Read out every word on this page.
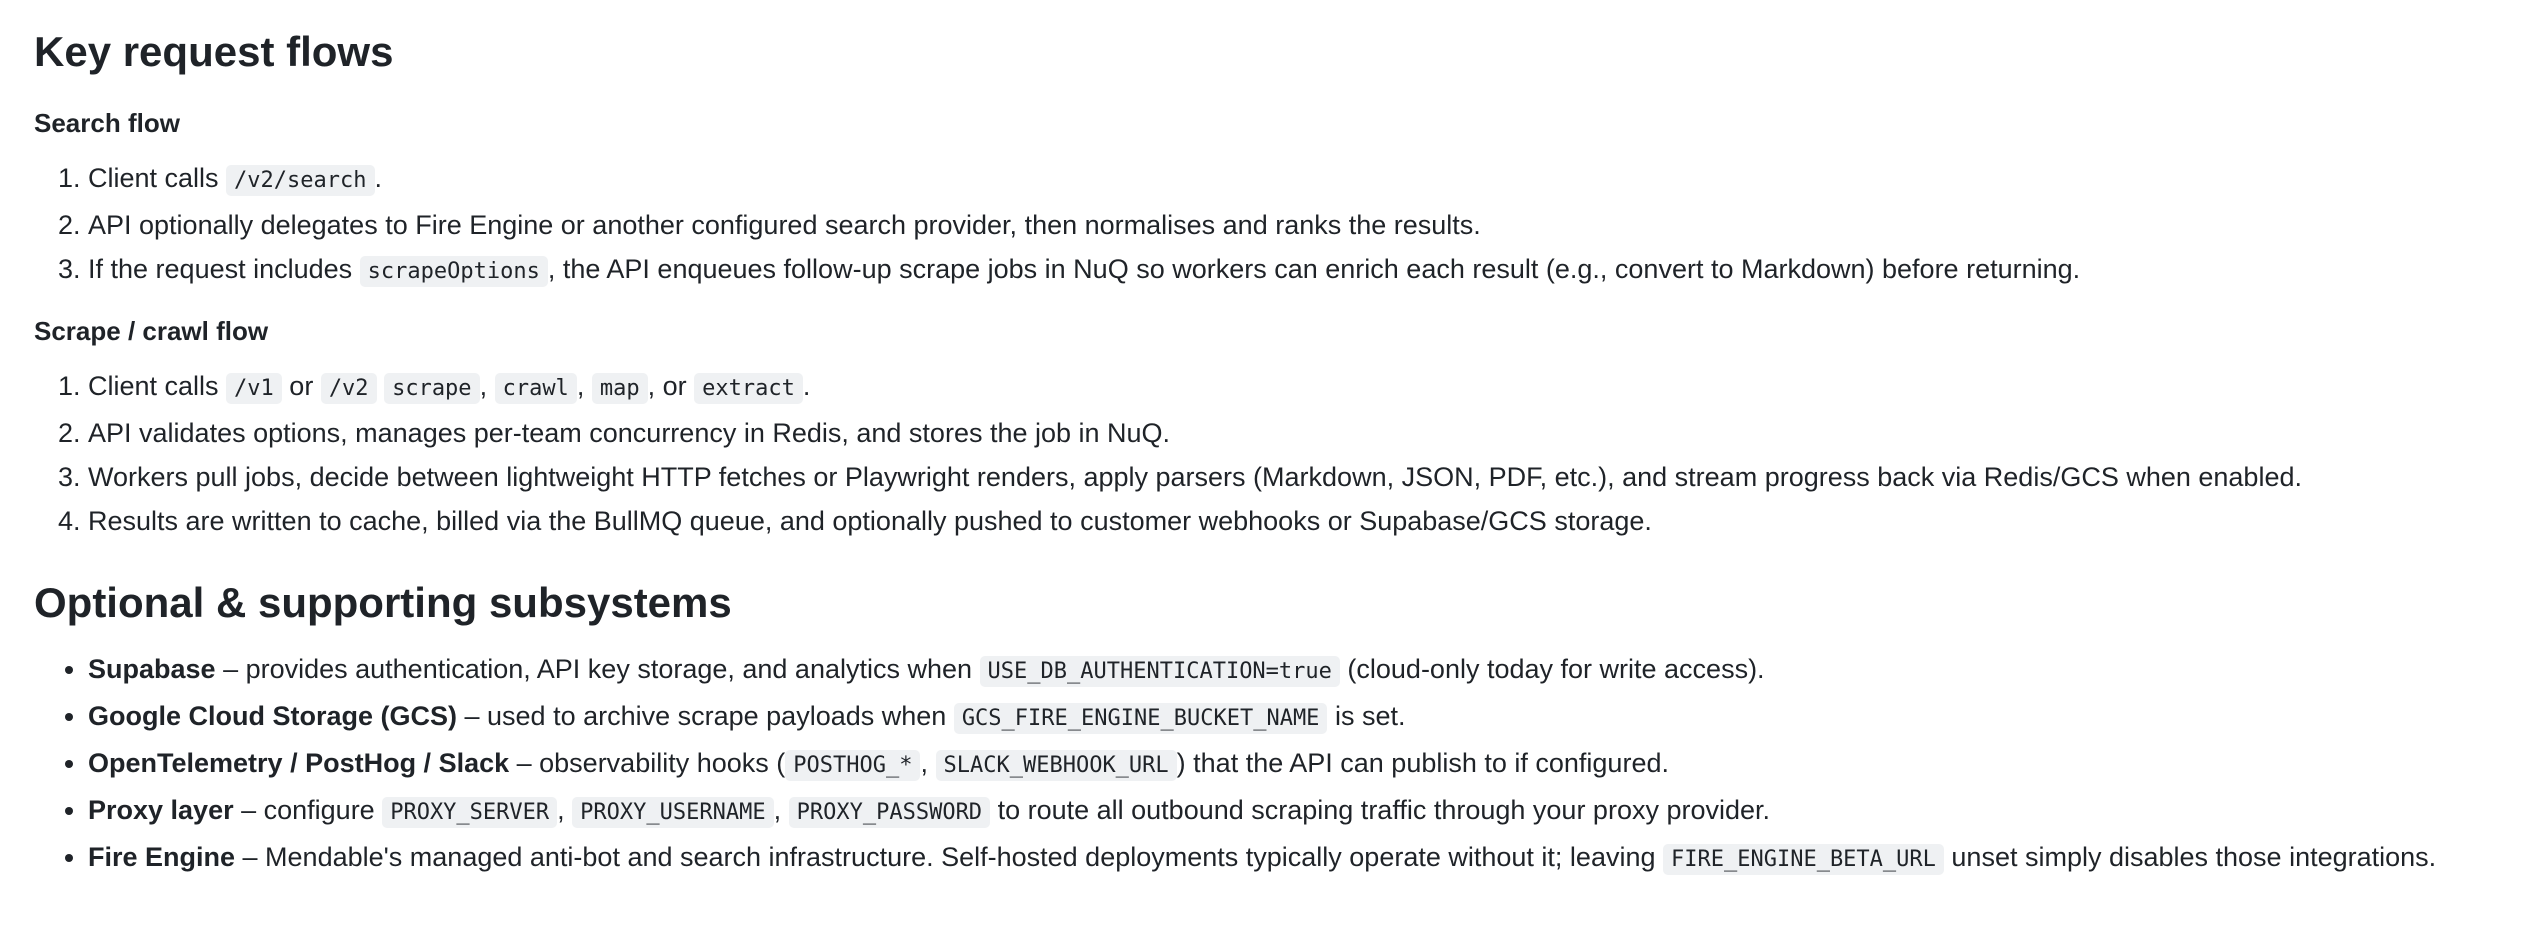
Key request flows
Search flow
1. Client calls /v2/search .
2. API optionally delegates to Fire Engine or another configured search provider, then normalises and ranks the results.
3. If the request includes scrapeOptions , the API enqueues follow-up scrape jobs in NuQ so workers can enrich each result (e.g., convert to Markdown) before returning.
Scrape / crawl flow
1. Client calls /v1 or /v2 scrape , crawl , map , or extract .
2. API validates options, manages per-team concurrency in Redis, and stores the job in NuQ.
3. Workers pull jobs, decide between lightweight HTTP fetches or Playwright renders, apply parsers (Markdown, JSON, PDF, etc.), and stream progress back via Redis/GCS when enabled.
4. Results are written to cache, billed via the BullMQ queue, and optionally pushed to customer webhooks or Supabase/GCS storage.
Optional & supporting subsystems
• Supabase – provides authentication, API key storage, and analytics when USE_DB_AUTHENTICATION=true (cloud-only today for write access).
• Google Cloud Storage (GCS) – used to archive scrape payloads when GCS_FIRE_ENGINE_BUCKET_NAME is set.
• OpenTelemetry / PostHog / Slack – observability hooks ( POSTHOG_* , SLACK_WEBHOOK_URL ) that the API can publish to if configured.
• Proxy layer – configure PROXY_SERVER , PROXY_USERNAME , PROXY_PASSWORD to route all outbound scraping traffic through your proxy provider.
• Fire Engine – Mendable's managed anti-bot and search infrastructure. Self-hosted deployments typically operate without it; leaving FIRE_ENGINE_BETA_URL unset simply disables those integrations.
